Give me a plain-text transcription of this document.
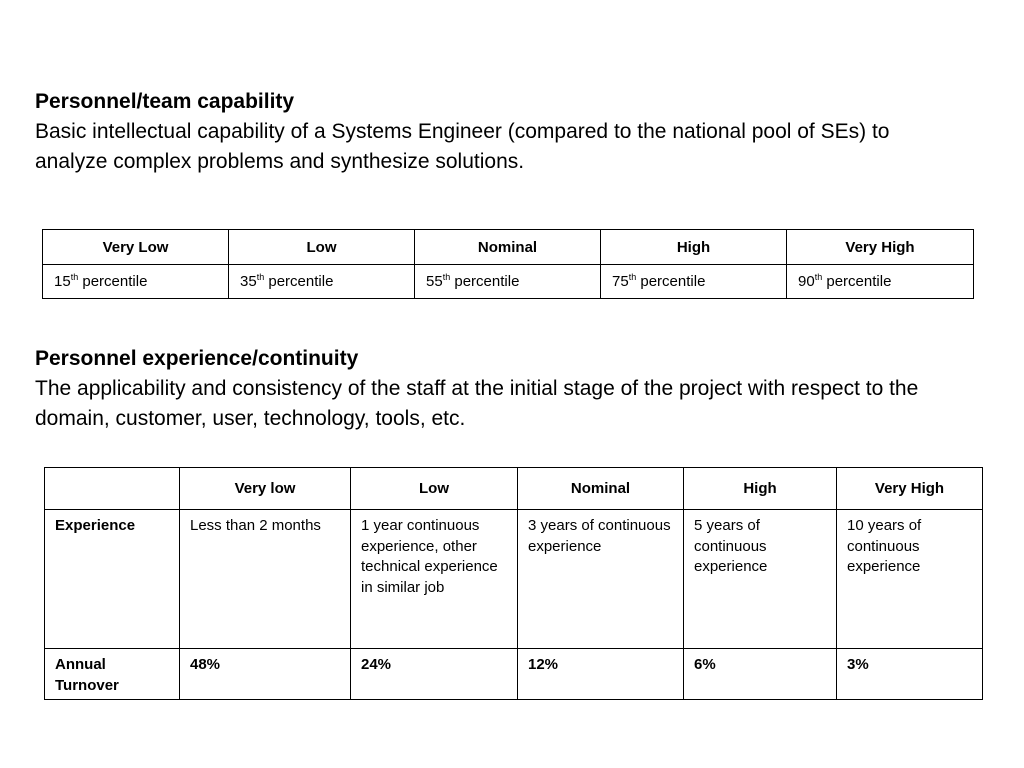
Personnel/team capability

Basic intellectual capability of a Systems Engineer (compared to the national pool of SEs) to analyze complex problems and synthesize solutions.

Very Low	Low	Nominal	High	Very High
15th percentile	35th percentile	55th percentile	75th percentile	90th percentile

Personnel experience/continuity

The applicability and consistency of the staff at the initial stage of the project with respect to the domain, customer, user, technology, tools, etc.

	Very low	Low	Nominal	High	Very High
Experience	Less than 2 months	1 year continuous experience, other technical experience in similar job	3 years of continuous experience	5 years of continuous experience	10 years of continuous experience
Annual Turnover	48%	24%	12%	6%	3%
